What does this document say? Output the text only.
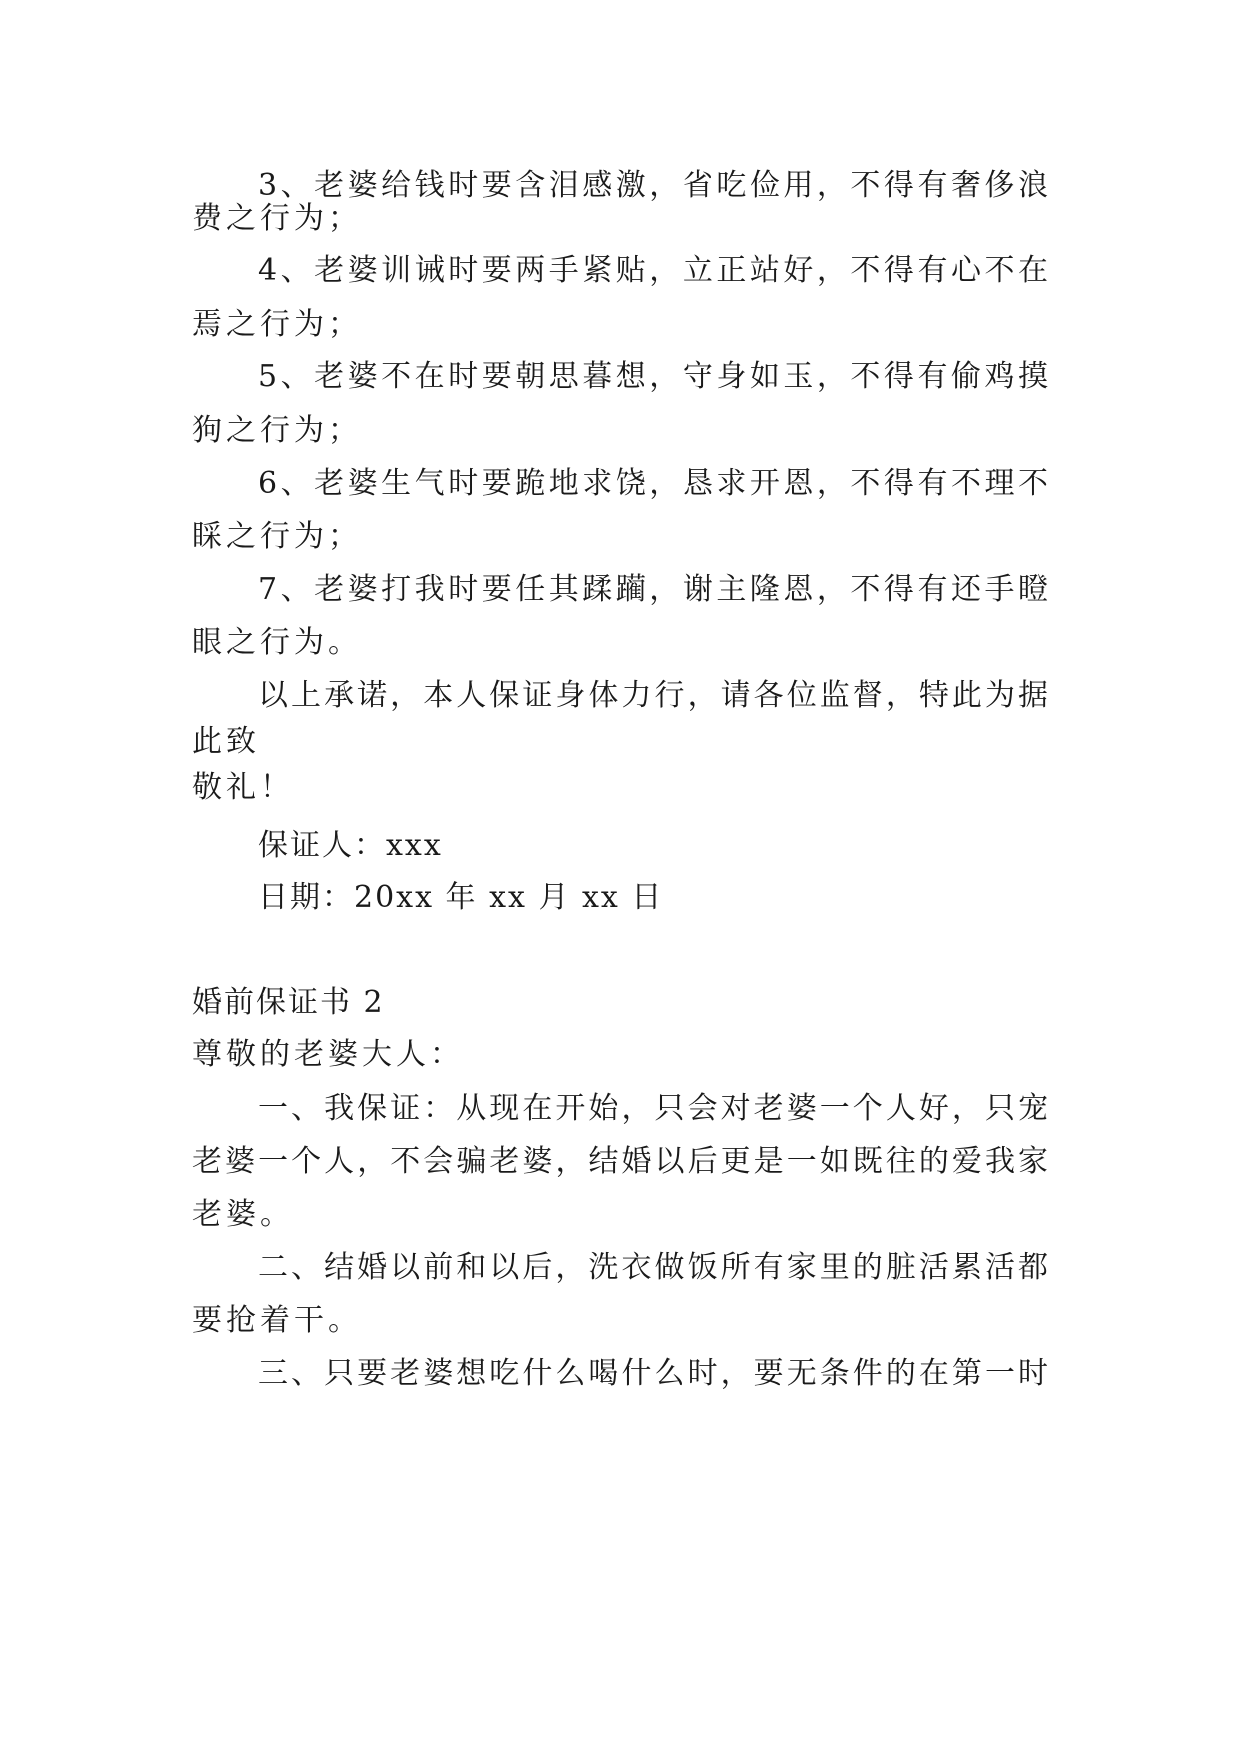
3、老婆给钱时要含泪感激，省吃俭用，不得有奢侈浪
费之行为；
4、老婆训诫时要两手紧贴，立正站好，不得有心不在
焉之行为；
5、老婆不在时要朝思暮想，守身如玉，不得有偷鸡摸
狗之行为；
6、老婆生气时要跪地求饶，恳求开恩，不得有不理不
睬之行为；
7、老婆打我时要任其蹂躏，谢主隆恩，不得有还手瞪
眼之行为。
以上承诺，本人保证身体力行，请各位监督，特此为据
此致
敬礼！
保证人：xxx
日期：20xx 年 xx 月 xx 日
婚前保证书 2
尊敬的老婆大人：
一、我保证：从现在开始，只会对老婆一个人好，只宠
老婆一个人，不会骗老婆，结婚以后更是一如既往的爱我家
老婆。
二、结婚以前和以后，洗衣做饭所有家里的脏活累活都
要抢着干。
三、只要老婆想吃什么喝什么时，要无条件的在第一时
